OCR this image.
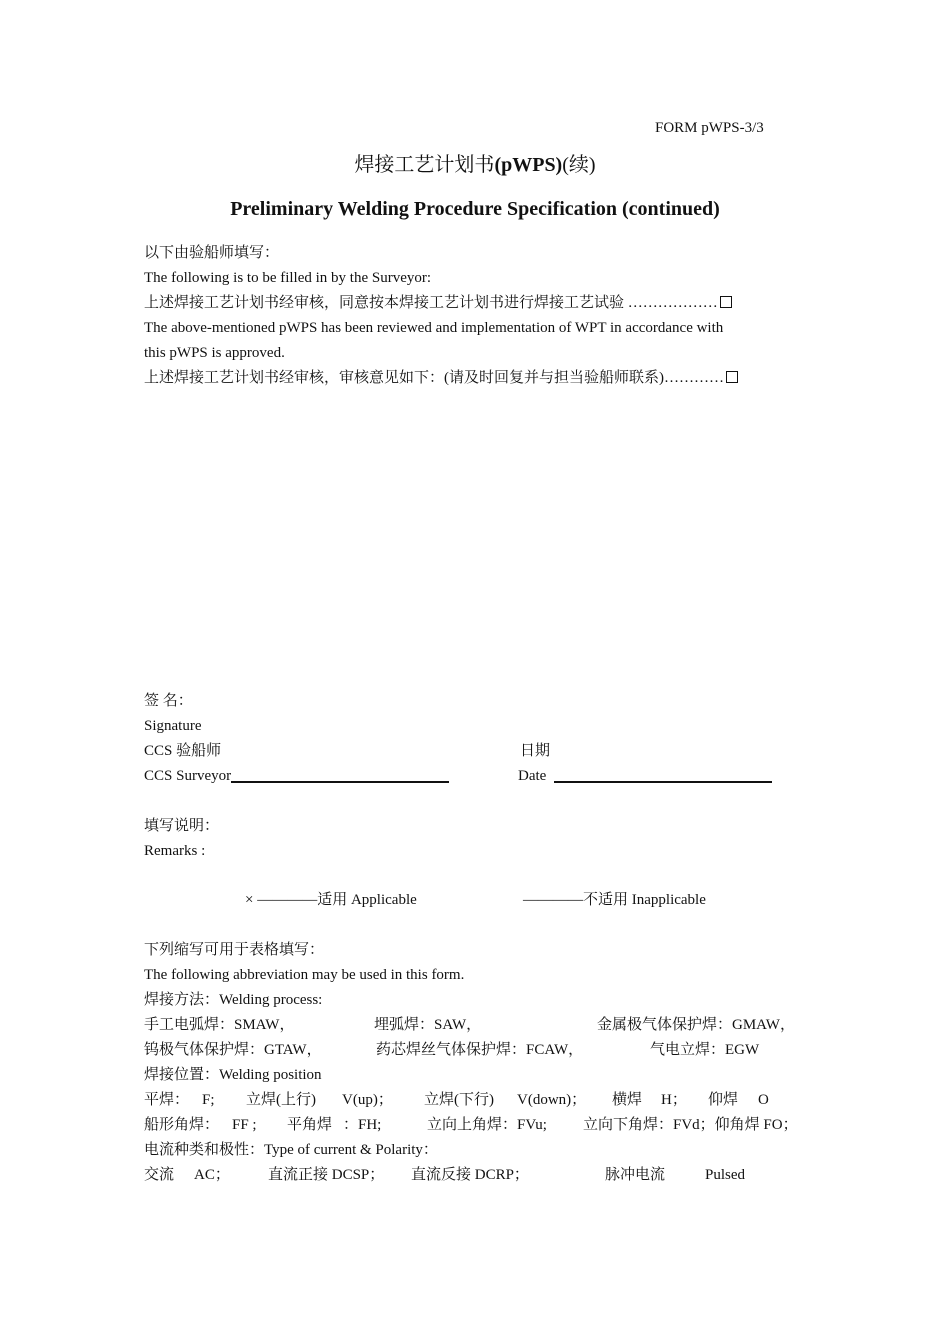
FORM pWPS-3/3
焊接工艺计划书(pWPS)(续)
Preliminary Welding Procedure Specification (continued)
以下由验船师填写：
The following is to be filled in by the Surveyor:
上述焊接工艺计划书经审核，同意按本焊接工艺计划书进行焊接工艺试验 ………………
The above-mentioned pWPS has been reviewed and implementation of WPT in accordance with
this pWPS is approved.
上述焊接工艺计划书经审核，审核意见如下：(请及时回复并与担当验船师联系)…………
签 名：
Signature
CCS 验船师	日期
CCS Surveyor	Date
填写说明：
Remarks :
× ————适用 Applicable	————不适用 Inapplicable
下列缩写可用于表格填写：
The following abbreviation may be used in this form.
焊接方法：Welding process:
手工电弧焊：SMAW，	埋弧焊：SAW，	金属极气体保护焊：GMAW，
钨极气体保护焊：GTAW，	药芯焊丝气体保护焊：FCAW，	气电立焊：EGW
焊接位置：Welding position
平焊： F; 立焊(上行) V(up)； 立焊(下行) V(down)； 横焊 H； 仰焊 O
船形角焊： FF ; 平角焊 ：FH;	立向上角焊：FVu; 立向下角焊：FVd；仰角焊 FO；
电流种类和极性：Type of current & Polarity：
交流 AC；	直流正接 DCSP； 直流反接 DCRP；	脉冲电流	Pulsed
